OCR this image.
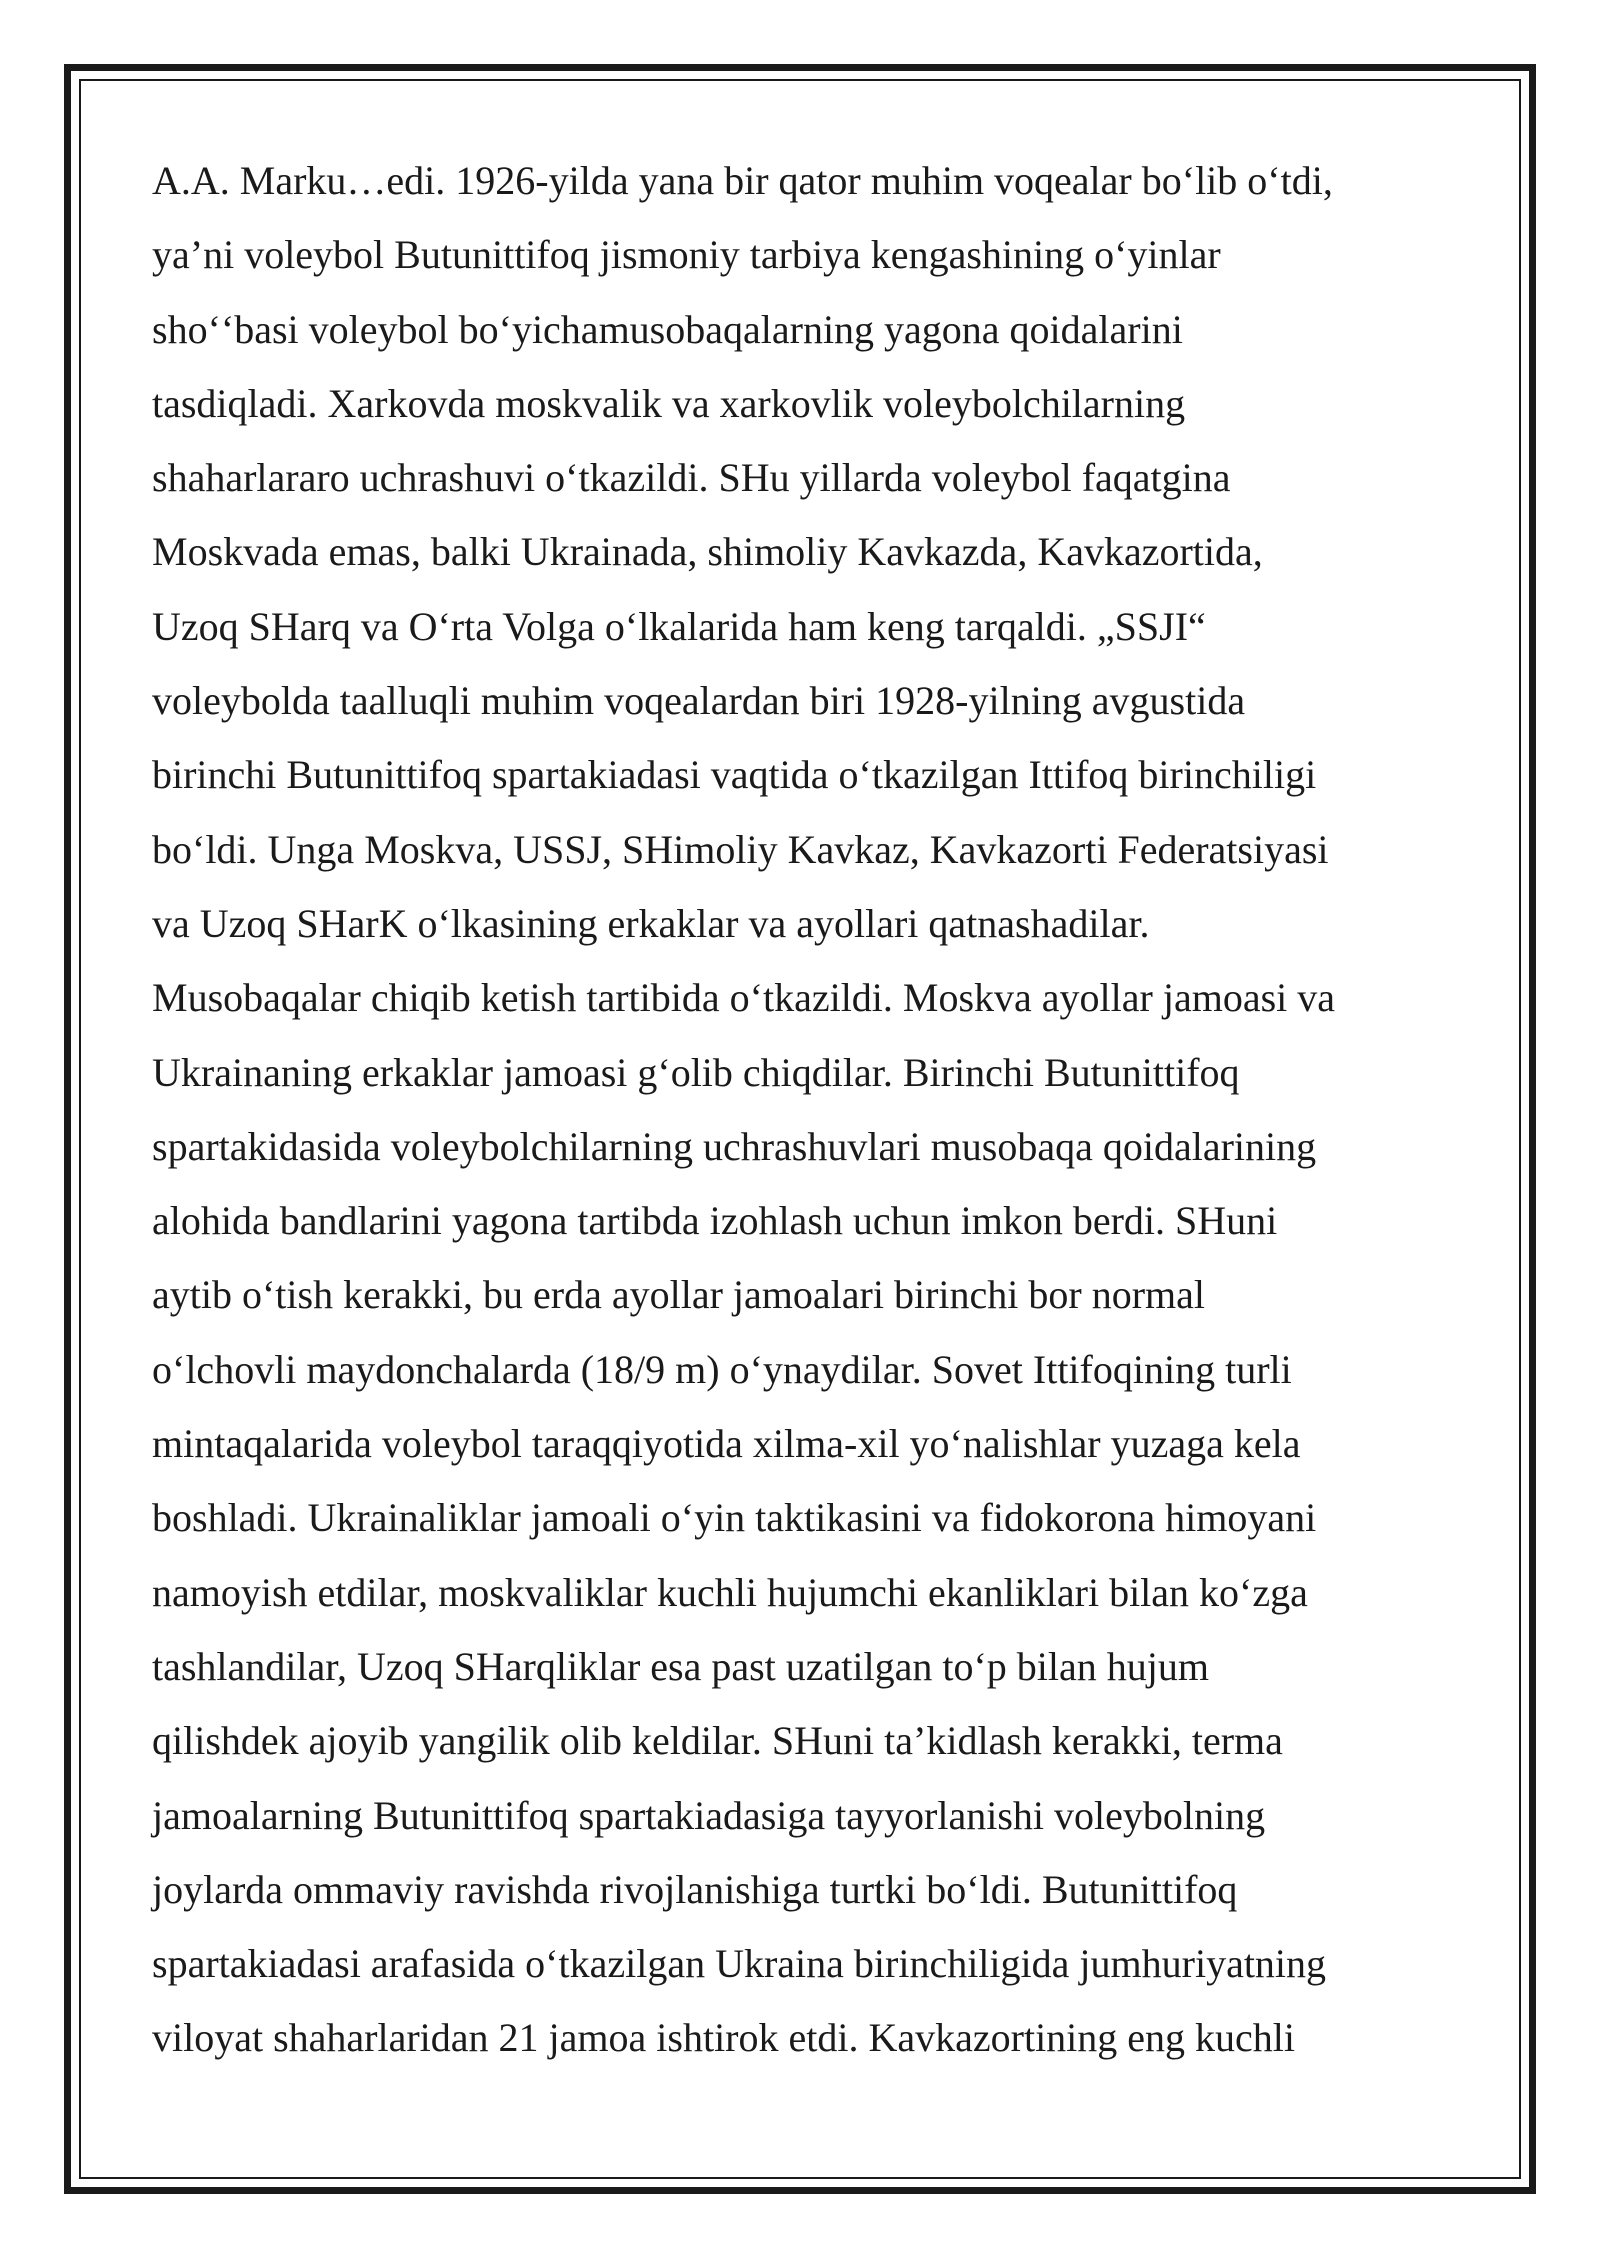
A.A. Marku…edi. 1926-yilda yana bir qator muhim voqealar boʻlib oʻtdi,
ya’ni voleybol Butunittifoq jismoniy tarbiya kengashining oʻyinlar
shoʻʻbasi voleybol boʻyichamusobaqalarning yagona qoidalarini
tasdiqladi. Xarkovda moskvalik va xarkovlik voleybolchilarning
shaharlararo uchrashuvi oʻtkazildi. SHu yillarda voleybol faqatgina
Moskvada emas, balki Ukrainada, shimoliy Kavkazda, Kavkazortida,
Uzoq SHarq va Oʻrta Volga oʻlkalarida ham keng tarqaldi. „SSJI“
voleybolda taalluqli muhim voqealardan biri 1928-yilning avgustida
birinchi Butunittifoq spartakiadasi vaqtida oʻtkazilgan Ittifoq birinchiligi
boʻldi. Unga Moskva, USSJ, SHimoliy Kavkaz, Kavkazorti Federatsiyasi
va Uzoq SHarK oʻlkasining erkaklar va ayollari qatnashadilar.
Musobaqalar chiqib ketish tartibida oʻtkazildi. Moskva ayollar jamoasi va
Ukrainaning erkaklar jamoasi gʻolib chiqdilar. Birinchi Butunittifoq
spartakidasida voleybolchilarning uchrashuvlari musobaqa qoidalarining
alohida bandlarini yagona tartibda izohlash uchun imkon berdi. SHuni
aytib oʻtish kerakki, bu erda ayollar jamoalari birinchi bor normal
oʻlchovli maydonchalarda (18/9 m) oʻynaydilar. Sovet Ittifoqining turli
mintaqalarida voleybol taraqqiyotida xilma-xil yoʻnalishlar yuzaga kela
boshladi. Ukrainaliklar jamoali oʻyin taktikasini va fidokorona himoyani
namoyish etdilar, moskvaliklar kuchli hujumchi ekanliklari bilan koʻzga
tashlandilar, Uzoq SHarqliklar esa past uzatilgan toʻp bilan hujum
qilishdek ajoyib yangilik olib keldilar. SHuni ta’kidlash kerakki, terma
jamoalarning Butunittifoq spartakiadasiga tayyorlanishi voleybolning
joylarda ommaviy ravishda rivojlanishiga turtki boʻldi. Butunittifoq
spartakiadasi arafasida oʻtkazilgan Ukraina birinchiligida jumhuriyatning
viloyat shaharlaridan 21 jamoa ishtirok etdi. Kavkazortining eng kuchli
